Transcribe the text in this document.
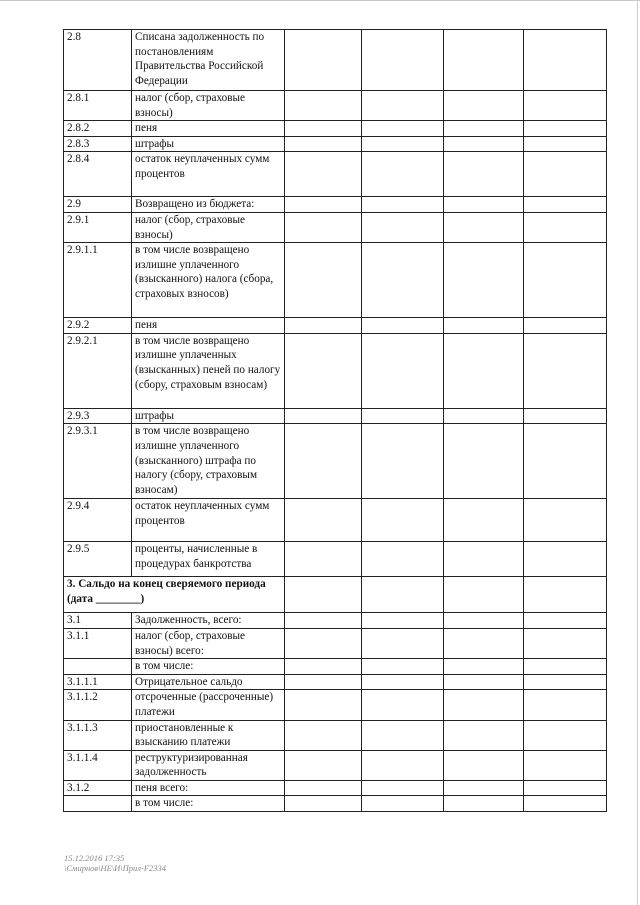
2.8	Списана задолженность по постановлениям Правительства Российской Федерации				
2.8.1	налог (сбор, страховые взносы)				
2.8.2	пеня				
2.8.3	штрафы				
2.8.4	остаток неуплаченных сумм процентов				
2.9	Возвращено из бюджета:				
2.9.1	налог (сбор, страховые взносы)				
2.9.1.1	в том числе возвращено излишне уплаченного (взысканного) налога (сбора, страховых взносов)				
2.9.2	пеня				
2.9.2.1	в том числе возвращено излишне уплаченных (взысканных) пеней по налогу (сбору, страховым взносам)				
2.9.3	штрафы				
2.9.3.1	в том числе возвращено излишне уплаченного (взысканного) штрафа по налогу (сбору, страховым взносам)				
2.9.4	остаток неуплаченных сумм процентов				
2.9.5	проценты, начисленные в процедурах банкротства				
3. Сальдо на конец сверяемого периода (дата ________)					
3.1	Задолженность, всего:				
3.1.1	налог (сбор, страховые взносы) всего:				
	в том числе:				
3.1.1.1	Отрицательное сальдо				
3.1.1.2	отсроченные (рассроченные) платежи				
3.1.1.3	приостановленные к взысканию платежи				
3.1.1.4	реструктуризированная задолженность				
3.1.2	пеня всего:				
	в том числе:				
15.12.2016 17:35
\Смирнов\НЕ\И\Прил-F2334
